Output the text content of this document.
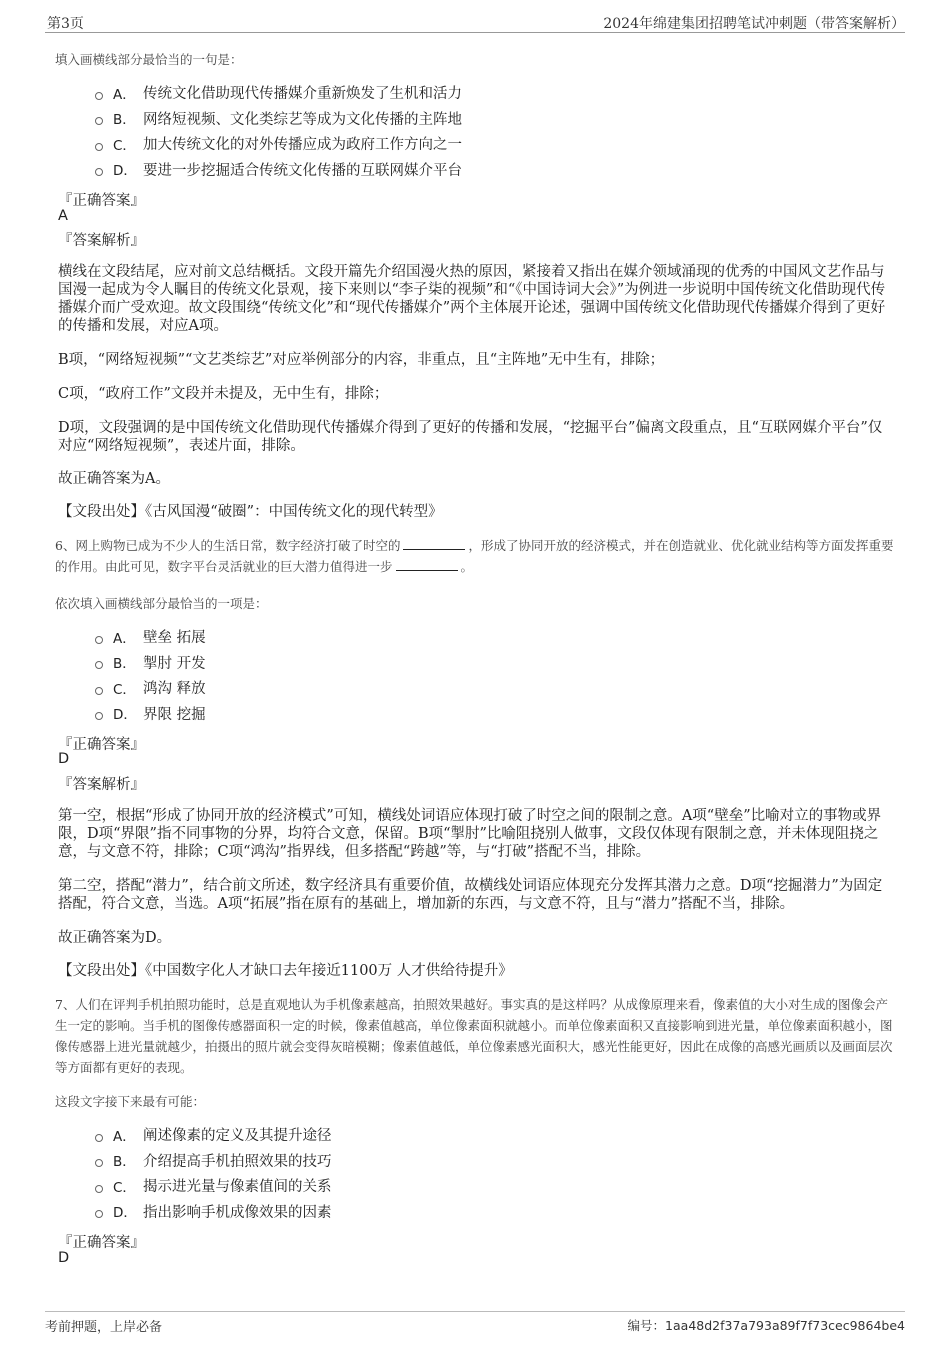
第3页	2024年绵建集团招聘笔试冲刺题（带答案解析）
填入画横线部分最恰当的一句是：
A． 传统文化借助现代传播媒介重新焕发了生机和活力
B． 网络短视频、文化类综艺等成为文化传播的主阵地
C． 加大传统文化的对外传播应成为政府工作方向之一
D． 要进一步挖掘适合传统文化传播的互联网媒介平台
『正确答案』
A
『答案解析』
横线在文段结尾，应对前文总结概括。文段开篇先介绍国漫火热的原因，紧接着又指出在媒介领域涌现的优秀的中国风文艺作品与国漫一起成为令人瞩目的传统文化景观，接下来则以“李子柒的视频”和“《中国诗词大会》”为例进一步说明中国传统文化借助现代传播媒介而广受欢迎。故文段围绕“传统文化”和“现代传播媒介”两个主体展开论述，强调中国传统文化借助现代传播媒介得到了更好的传播和发展，对应A项。
B项，“网络短视频”“文艺类综艺”对应举例部分的内容，非重点，且“主阵地”无中生有，排除；
C项，“政府工作”文段并未提及，无中生有，排除；
D项，文段强调的是中国传统文化借助现代传播媒介得到了更好的传播和发展，“挖掘平台”偏离文段重点，且“互联网媒介平台”仅对应“网络短视频”，表述片面，排除。
故正确答案为A。
【文段出处】《古风国漫“破圈”：中国传统文化的现代转型》
6、网上购物已成为不少人的生活日常，数字经济打破了时空的	，形成了协同开放的经济模式，并在创造就业、优化就业结构等方面发挥重要的作用。由此可见，数字平台灵活就业的巨大潜力值得进一步	。
依次填入画横线部分最恰当的一项是：
A． 壁垒 拓展
B． 掣肘 开发
C． 鸿沟 释放
D． 界限 挖掘
『正确答案』
D
『答案解析』
第一空，根据“形成了协同开放的经济模式”可知，横线处词语应体现打破了时空之间的限制之意。A项“壁垒”比喻对立的事物或界限，D项“界限”指不同事物的分界，均符合文意，保留。B项“掣肘”比喻阻挠别人做事，文段仅体现有限制之意，并未体现阻挠之意，与文意不符，排除；C项“鸿沟”指界线，但多搭配“跨越”等，与“打破”搭配不当，排除。
第二空，搭配“潜力”，结合前文所述，数字经济具有重要价值，故横线处词语应体现充分发挥其潜力之意。D项“挖掘潜力”为固定搭配，符合文意，当选。A项“拓展”指在原有的基础上，增加新的东西，与文意不符，且与“潜力”搭配不当，排除。
故正确答案为D。
【文段出处】《中国数字化人才缺口去年接近1100万 人才供给待提升》
7、人们在评判手机拍照功能时，总是直观地认为手机像素越高，拍照效果越好。事实真的是这样吗？从成像原理来看，像素值的大小对生成的图像会产生一定的影响。当手机的图像传感器面积一定的时候，像素值越高，单位像素面积就越小。而单位像素面积又直接影响到进光量，单位像素面积越小，图像传感器上进光量就越少，拍摄出的照片就会变得灰暗模糊；像素值越低，单位像素感光面积大，感光性能更好，因此在成像的高感光画质以及画面层次等方面都有更好的表现。
这段文字接下来最有可能：
A． 阐述像素的定义及其提升途径
B． 介绍提高手机拍照效果的技巧
C． 揭示进光量与像素值间的关系
D． 指出影响手机成像效果的因素
『正确答案』
D
考前押题，上岸必备	编号：1aa48d2f37a793a89f7f73cec9864be4
